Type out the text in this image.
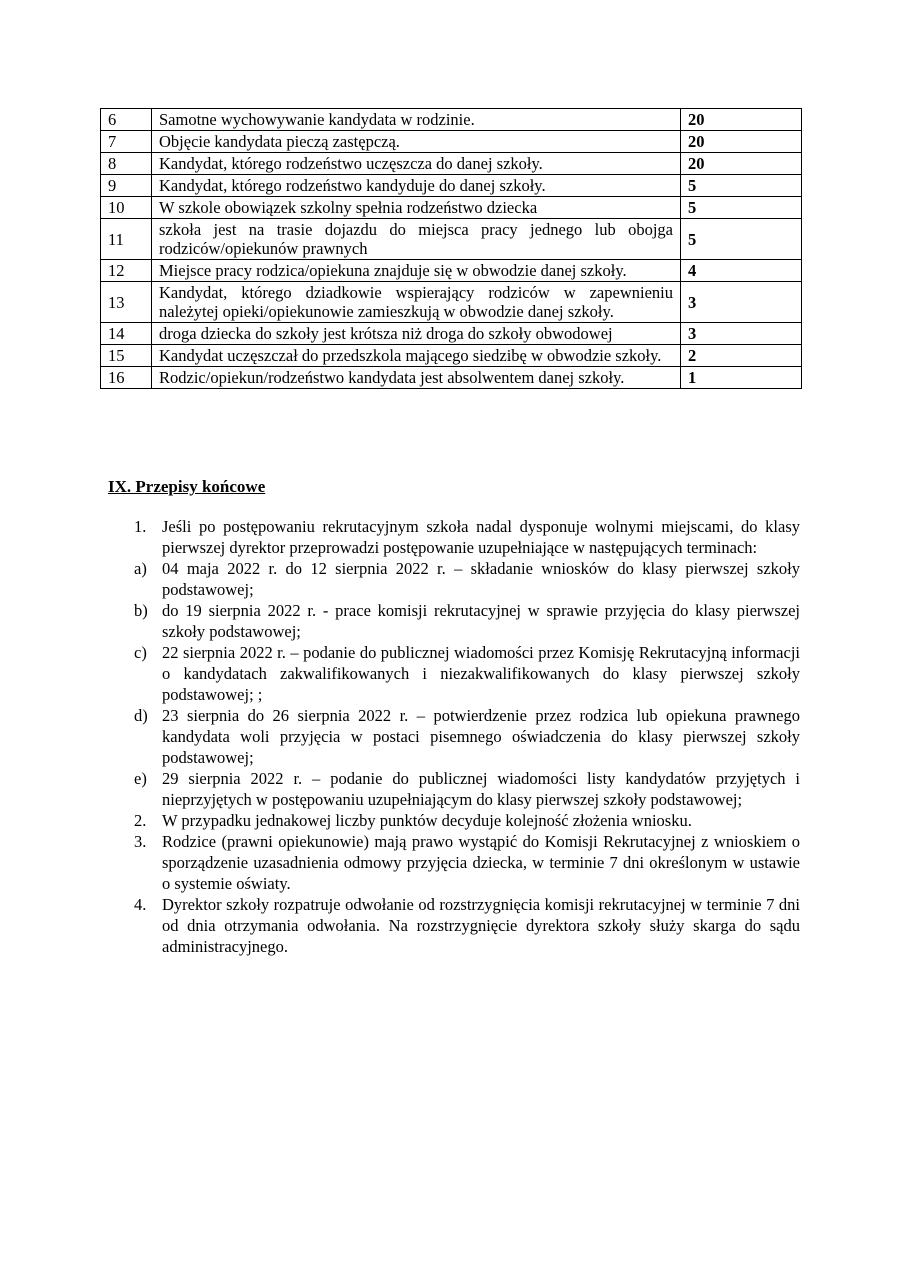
6	Samotne wychowywanie kandydata w rodzinie.	20
7	Objęcie kandydata pieczą zastępczą.	20
8	Kandydat, którego rodzeństwo uczęszcza do danej szkoły.	20
9	Kandydat, którego rodzeństwo kandyduje do danej szkoły.	5
10	W szkole obowiązek szkolny spełnia rodzeństwo dziecka	5
11	szkoła jest na trasie dojazdu do miejsca pracy jednego lub obojga rodziców/opiekunów prawnych	5
12	Miejsce pracy rodzica/opiekuna znajduje się w obwodzie danej szkoły.	4
13	Kandydat, którego dziadkowie wspierający rodziców w zapewnieniu należytej opieki/opiekunowie zamieszkują w obwodzie danej szkoły.	3
14	droga dziecka do szkoły jest krótsza niż droga do szkoły obwodowej	3
15	Kandydat uczęszczał do przedszkola mającego siedzibę w obwodzie szkoły.	2
16	Rodzic/opiekun/rodzeństwo kandydata jest absolwentem danej szkoły.	1
IX. Przepisy końcowe
1. Jeśli po postępowaniu rekrutacyjnym szkoła nadal dysponuje wolnymi miejscami, do klasy pierwszej dyrektor przeprowadzi postępowanie uzupełniające w następujących terminach:
a) 04 maja 2022 r. do 12 sierpnia 2022 r. – składanie wniosków do klasy pierwszej szkoły podstawowej;
b) do 19 sierpnia 2022 r. - prace komisji rekrutacyjnej w sprawie przyjęcia do klasy pierwszej szkoły podstawowej;
c) 22 sierpnia 2022 r. – podanie do publicznej wiadomości przez Komisję Rekrutacyjną informacji o kandydatach zakwalifikowanych i niezakwalifikowanych do klasy pierwszej szkoły podstawowej; ;
d) 23 sierpnia do 26 sierpnia 2022 r. – potwierdzenie przez rodzica lub opiekuna prawnego kandydata woli przyjęcia w postaci pisemnego oświadczenia do klasy pierwszej szkoły podstawowej;
e) 29 sierpnia 2022 r. – podanie do publicznej wiadomości listy kandydatów przyjętych i nieprzyjętych w postępowaniu uzupełniającym do klasy pierwszej szkoły podstawowej;
2. W przypadku jednakowej liczby punktów decyduje kolejność złożenia wniosku.
3. Rodzice (prawni opiekunowie) mają prawo wystąpić do Komisji Rekrutacyjnej z wnioskiem o sporządzenie uzasadnienia odmowy przyjęcia dziecka, w terminie 7 dni określonym w ustawie o systemie oświaty.
4. Dyrektor szkoły rozpatruje odwołanie od rozstrzygnięcia komisji rekrutacyjnej w terminie 7 dni od dnia otrzymania odwołania. Na rozstrzygnięcie dyrektora szkoły służy skarga do sądu administracyjnego.
